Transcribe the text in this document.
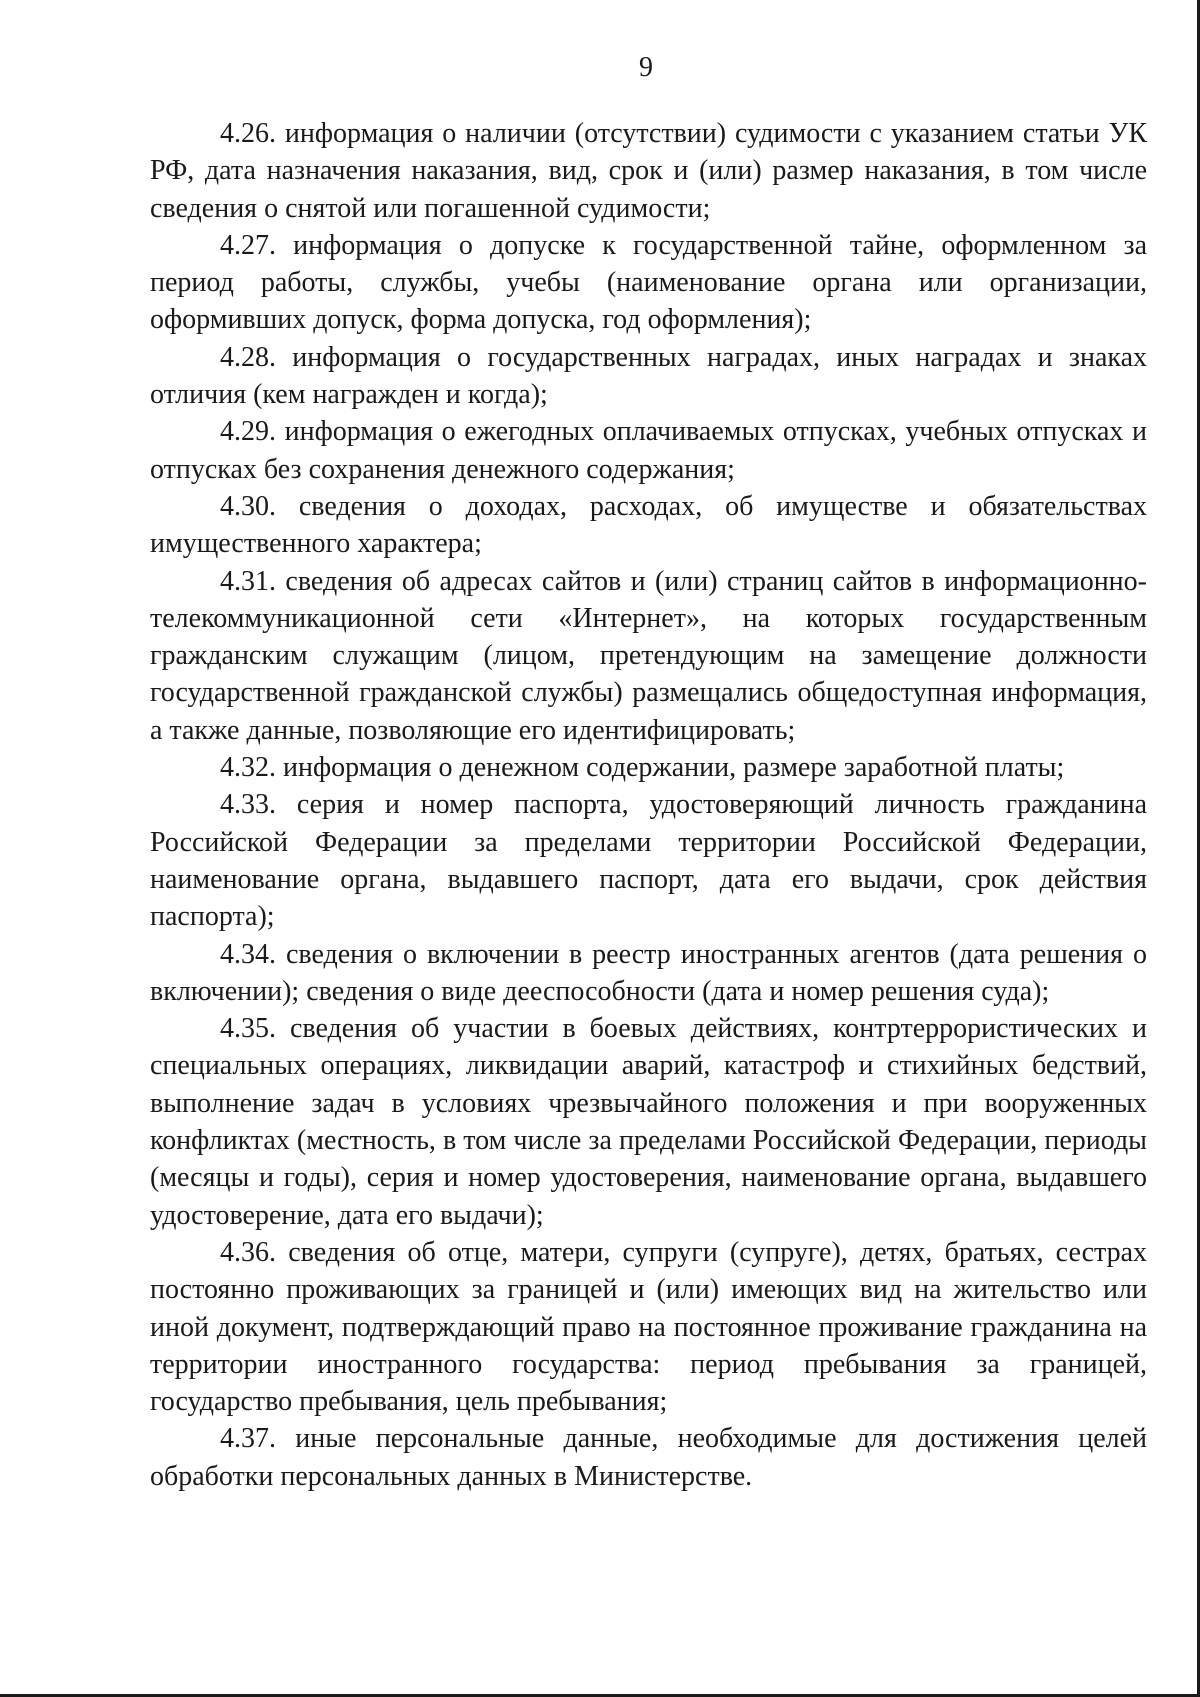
9

4.26. информация о наличии (отсутствии) судимости с указанием статьи УК РФ, дата назначения наказания, вид, срок и (или) размер наказания, в том числе сведения о снятой или погашенной судимости;

4.27. информация о допуске к государственной тайне, оформленном за период работы, службы, учебы (наименование органа или организации, оформивших допуск, форма допуска, год оформления);

4.28. информация о государственных наградах, иных наградах и знаках отличия (кем награжден и когда);

4.29. информация о ежегодных оплачиваемых отпусках, учебных отпусках и отпусках без сохранения денежного содержания;

4.30. сведения о доходах, расходах, об имуществе и обязательствах имущественного характера;

4.31. сведения об адресах сайтов и (или) страниц сайтов в информационно-телекоммуникационной сети «Интернет», на которых государственным гражданским служащим (лицом, претендующим на замещение должности государственной гражданской службы) размещались общедоступная информация, а также данные, позволяющие его идентифицировать;

4.32. информация о денежном содержании, размере заработной платы;

4.33. серия и номер паспорта, удостоверяющий личность гражданина Российской Федерации за пределами территории Российской Федерации, наименование органа, выдавшего паспорт, дата его выдачи, срок действия паспорта);

4.34. сведения о включении в реестр иностранных агентов (дата решения о включении); сведения о виде дееспособности (дата и номер решения суда);

4.35. сведения об участии в боевых действиях, контртеррористических и специальных операциях, ликвидации аварий, катастроф и стихийных бедствий, выполнение задач в условиях чрезвычайного положения и при вооруженных конфликтах (местность, в том числе за пределами Российской Федерации, периоды (месяцы и годы), серия и номер удостоверения, наименование органа, выдавшего удостоверение, дата его выдачи);

4.36. сведения об отце, матери, супруги (супруге), детях, братьях, сестрах постоянно проживающих за границей и (или) имеющих вид на жительство или иной документ, подтверждающий право на постоянное проживание гражданина на территории иностранного государства: период пребывания за границей, государство пребывания, цель пребывания;

4.37. иные персональные данные, необходимые для достижения целей обработки персональных данных в Министерстве.
